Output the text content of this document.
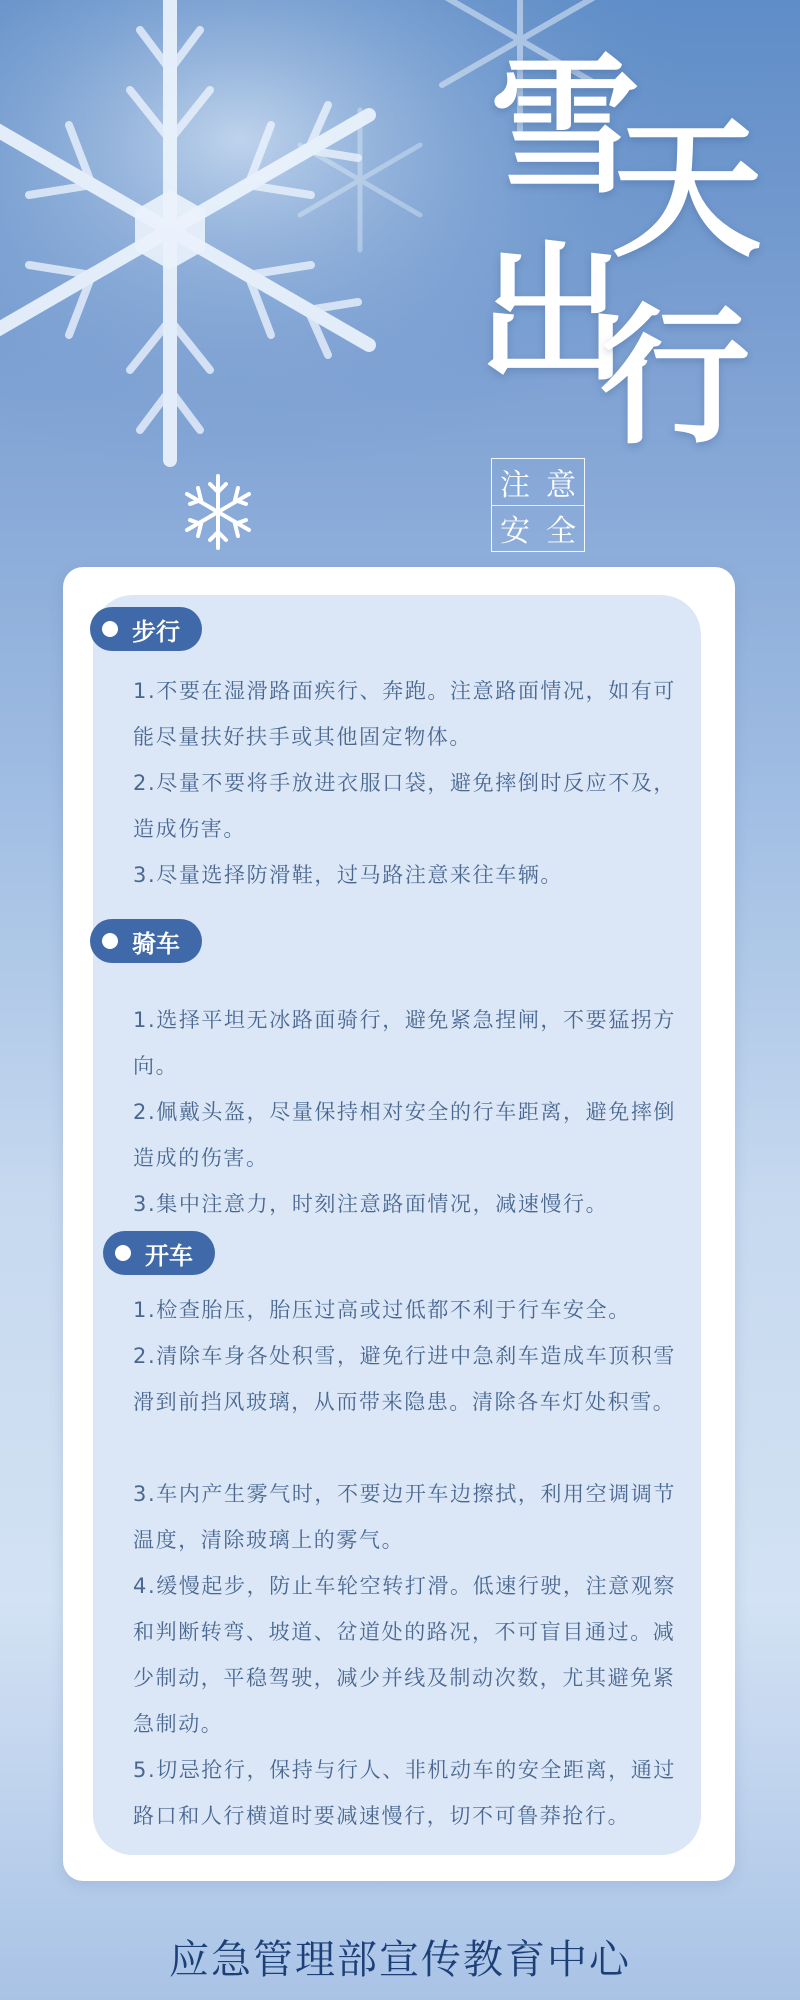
雪
天
出
行
注 意
安 全
步行
1.不要在湿滑路面疾行、奔跑。注意路面情况，如有可能尽量扶好扶手或其他固定物体。
2.尽量不要将手放进衣服口袋，避免摔倒时反应不及，造成伤害。
3.尽量选择防滑鞋，过马路注意来往车辆。
骑车
1.选择平坦无冰路面骑行，避免紧急捏闸，不要猛拐方向。
2.佩戴头盔，尽量保持相对安全的行车距离，避免摔倒造成的伤害。
3.集中注意力，时刻注意路面情况，减速慢行。
开车
1.检查胎压，胎压过高或过低都不利于行车安全。
2.清除车身各处积雪，避免行进中急刹车造成车顶积雪滑到前挡风玻璃，从而带来隐患。清除各车灯处积雪。
3.车内产生雾气时，不要边开车边擦拭，利用空调调节温度，清除玻璃上的雾气。
4.缓慢起步，防止车轮空转打滑。低速行驶，注意观察和判断转弯、坡道、岔道处的路况，不可盲目通过。减少制动，平稳驾驶，减少并线及制动次数，尤其避免紧急制动。
5.切忌抢行，保持与行人、非机动车的安全距离，通过路口和人行横道时要减速慢行，切不可鲁莽抢行。
应急管理部宣传教育中心
